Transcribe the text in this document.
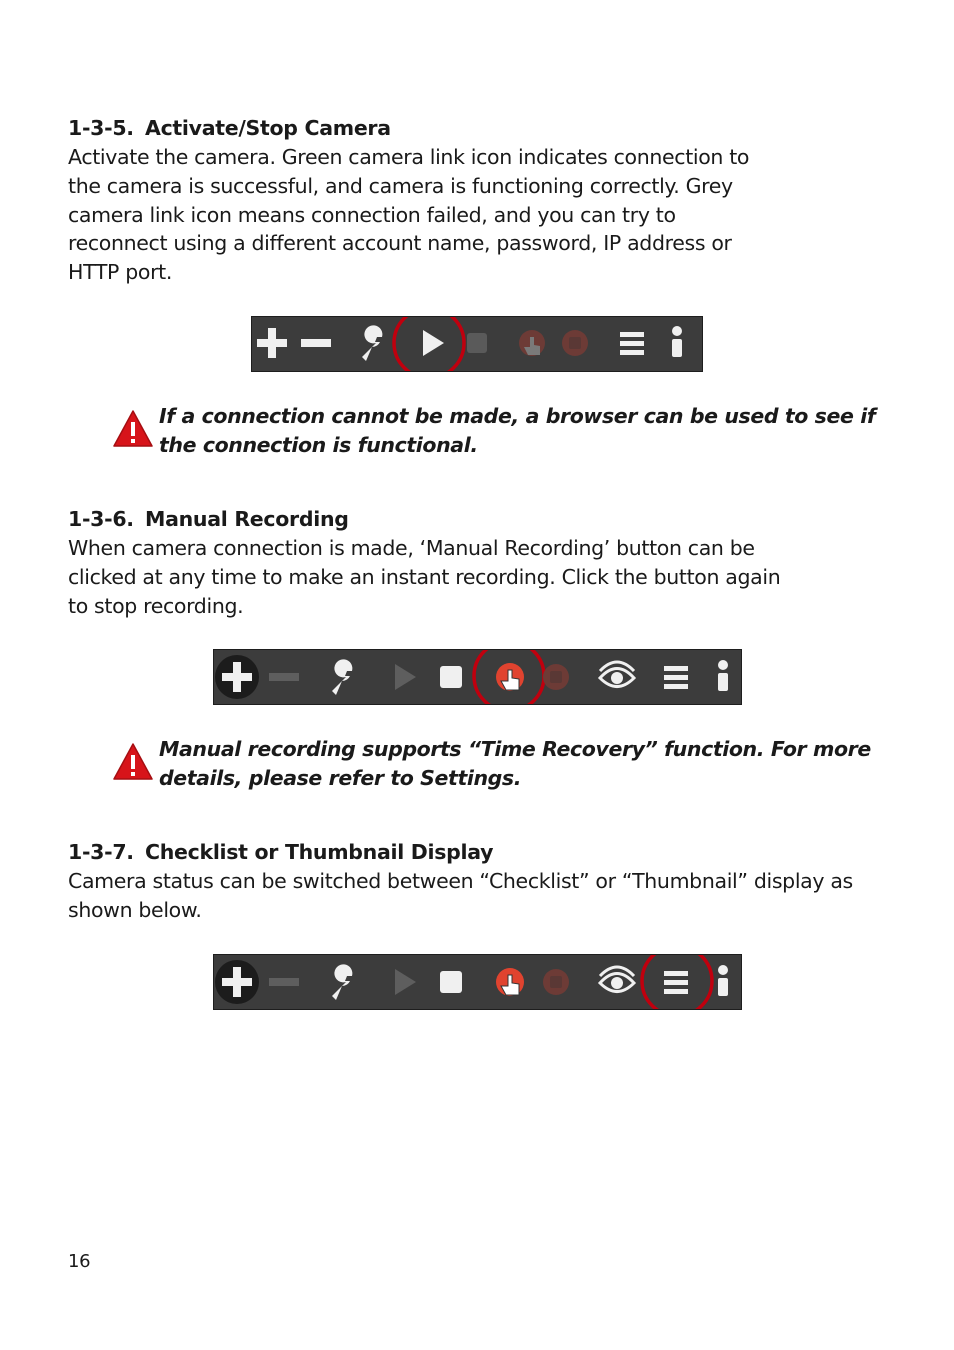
1-3-5. Activate/Stop Camera
Activate the camera. Green camera link icon indicates connection to
the camera is successful, and camera is functioning correctly. Grey
camera link icon means connection failed, and you can try to
reconnect using a different account name, password, IP address or
HTTP port.
If a connection cannot be made, a browser can be used to see if
the connection is functional.
1-3-6. Manual Recording
When camera connection is made, ‘Manual Recording’ button can be
clicked at any time to make an instant recording. Click the button again
to stop recording.
Manual recording supports “Time Recovery” function. For more
details, please refer to Settings.
1-3-7. Checklist or Thumbnail Display
Camera status can be switched between “Checklist” or “Thumbnail” display as
shown below.
16
